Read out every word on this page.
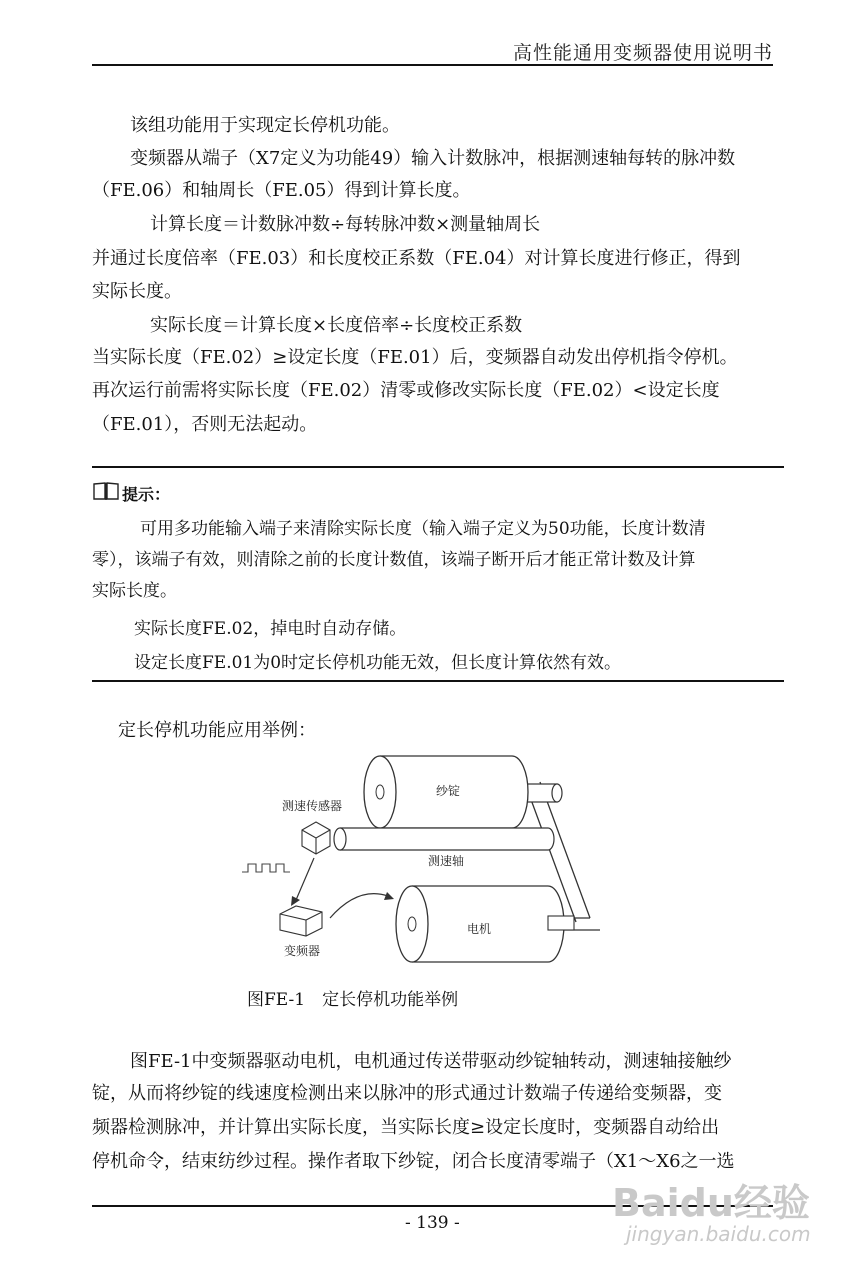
高性能通用变频器使用说明书
该组功能用于实现定长停机功能。
变频器从端子（X7定义为功能49）输入计数脉冲，根据测速轴每转的脉冲数
（FE.06）和轴周长（FE.05）得到计算长度。
计算长度＝计数脉冲数÷每转脉冲数×测量轴周长
并通过长度倍率（FE.03）和长度校正系数（FE.04）对计算长度进行修正，得到
实际长度。
实际长度＝计算长度×长度倍率÷长度校正系数
当实际长度（FE.02）≥设定长度（FE.01）后，变频器自动发出停机指令停机。
再次运行前需将实际长度（FE.02）清零或修改实际长度（FE.02）<设定长度
（FE.01），否则无法起动。
提示：
可用多功能输入端子来清除实际长度（输入端子定义为50功能，长度计数清
零），该端子有效，则清除之前的长度计数值，该端子断开后才能正常计数及计算
实际长度。
实际长度FE.02，掉电时自动存储。
设定长度FE.01为0时定长停机功能无效，但长度计算依然有效。
定长停机功能应用举例：
纱锭
测速传感器
测速轴
电机
变频器
图FE-1　定长停机功能举例
图FE-1中变频器驱动电机，电机通过传送带驱动纱锭轴转动，测速轴接触纱
锭，从而将纱锭的线速度检测出来以脉冲的形式通过计数端子传递给变频器，变
频器检测脉冲，并计算出实际长度，当实际长度≥设定长度时，变频器自动给出
停机命令，结束纺纱过程。操作者取下纱锭，闭合长度清零端子（X1～X6之一选
- 139 -	Baidu经验
jingyan.baidu.com
